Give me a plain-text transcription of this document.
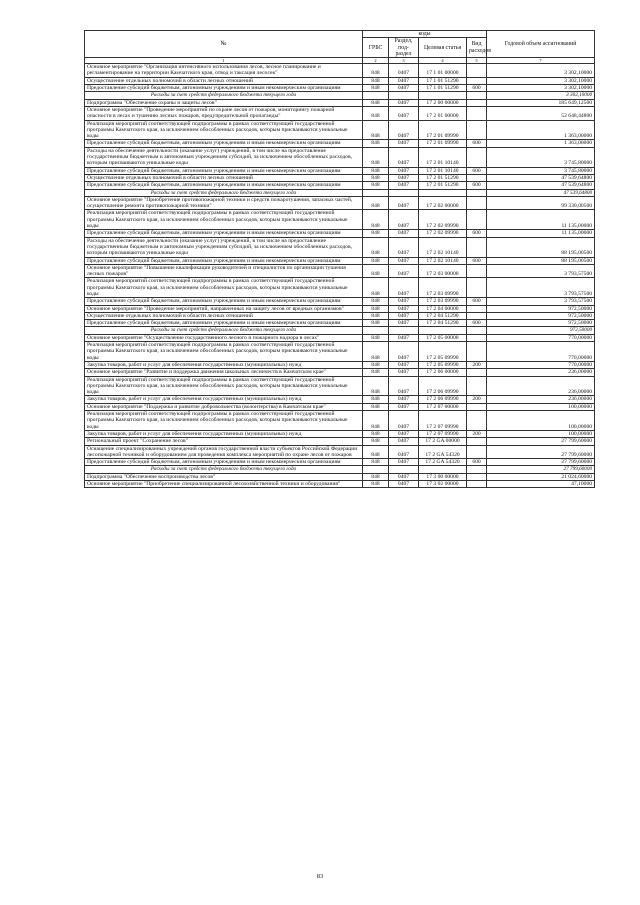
№	коды				Годовой объем ассигнований
	ГРБС	Раздел, под-раздел	Целевая статья	Вид расходов	
1	2	3	4	5	7
Основное мероприятие "Организация интенсивного использования лесов, лесное планирование и регламентирование на территории Камчатского края, отвод и таксация лесосек"	848	0407	17 1 01 00000		3 302,10000
Осуществление отдельных полномочий в области лесных отношений	848	0407	17 1 01 51290		3 302,10000
Предоставление субсидий бюджетным, автономным учреждениям и иным некоммерческим организациям	848	0407	17 1 01 51290	600	3 302,10000
Расходы за счет средств федерального бюджета текущего года					3 302,10000
Подпрограмма "Обеспечение охраны и защиты лесов"	848	0407	17 2 00 00000		185 649,12500
Основное мероприятие "Проведение мероприятий по охране лесов от пожаров, мониторингу пожарной опасности в лесах и тушению лесных пожаров, предупредительной пропаганды"	848	0407	17 2 01 00000		52 648,44800
Реализация мероприятий соответствующей подпрограммы в рамках соответствующей государственной программы Камчатского края, за исключением обособленных расходов, которым присваиваются уникальные коды	848	0407	17 2 01 09990		1 363,00000
Предоставление субсидий бюджетным, автономным учреждениям и иным некоммерческим организациям	848	0407	17 2 01 09990	600	1 363,00000
Расходы на обеспечение деятельности (оказание услуг) учреждений, в том числе на предоставление государственным бюджетным и автономным учреждениям субсидий, за исключением обособленных расходов, которым присваиваются уникальные коды	848	0407	17 2 01 10140		3 745,80000
Предоставление субсидий бюджетным, автономным учреждениям и иным некоммерческим организациям	848	0407	17 2 01 10140	600	3 745,80000
Осуществление отдельных полномочий в области лесных отношений	848	0407	17 2 01 51290		47 539,64800
Предоставление субсидий бюджетным, автономным учреждениям и иным некоммерческим организациям	848	0407	17 2 01 51290	600	47 539,64800
Расходы за счет средств федерального бюджета текущего года					47 539,64800
Основное мероприятие "Приобретение противопожарной техники и средств пожаротушения, запасных частей, осуществление ремонта противопожарной техники"	848	0407	17 2 02 00000		99 330,00500
Реализация мероприятий соответствующей подпрограммы в рамках соответствующей государственной программы Камчатского края, за исключением обособленных расходов, которым присваиваются уникальные коды	848	0407	17 2 02 09990		11 135,00000
Предоставление субсидий бюджетным, автономным учреждениям и иным некоммерческим организациям	848	0407	17 2 02 09990	600	11 135,00000
Расходы на обеспечение деятельности (оказание услуг) учреждений, в том числе на предоставление государственным бюджетным и автономным учреждениям субсидий, за исключением обособленных расходов, которым присваиваются уникальные коды	848	0407	17 2 02 10140		88 195,00500
Предоставление субсидий бюджетным, автономным учреждениям и иным некоммерческим организациям	848	0407	17 2 02 10140	600	88 195,00500
Основное мероприятие "Повышение квалификации руководителей и специалистов по организации тушения лесных пожаров"	848	0407	17 2 03 00000		3 793,57500
Реализация мероприятий соответствующей подпрограммы в рамках соответствующей государственной программы Камчатского края, за исключением обособленных расходов, которым присваиваются уникальные коды	848	0407	17 2 03 09990		3 793,57500
Предоставление субсидий бюджетным, автономным учреждениям и иным некоммерческим организациям	848	0407	17 2 03 09990	600	3 793,57500
Основное мероприятие "Проведение мероприятий, направленных на защиту лесов от вредных организмов"	848	0407	17 2 04 00000		972,50000
Осуществление отдельных полномочий в области лесных отношений	848	0407	17 2 04 51290		972,50000
Предоставление субсидий бюджетным, автономным учреждениям и иным некоммерческим организациям	848	0407	17 2 04 51290	600	972,50000
Расходы за счет средств федерального бюджета текущего года					972,50000
Основное мероприятие "Осуществление государственного лесного и пожарного надзора в лесах"	848	0407	17 2 05 00000		770,00000
Реализация мероприятий соответствующей подпрограммы в рамках соответствующей государственной программы Камчатского края, за исключением обособленных расходов, которым присваиваются уникальные коды	848	0407	17 2 05 09990		770,00000
Закупка товаров, работ и услуг для обеспечения государственных (муниципальных) нужд	848	0407	17 2 05 09990	200	770,00000
Основное мероприятие "Развитие и поддержка движения школьных лесничеств в Камчатском крае"	848	0407	17 2 06 00000		236,00000
Реализация мероприятий соответствующей подпрограммы в рамках соответствующей государственной программы Камчатского края, за исключением обособленных расходов, которым присваиваются уникальные коды	848	0407	17 2 06 09990		236,00000
Закупка товаров, работ и услуг для обеспечения государственных (муниципальных) нужд	848	0407	17 2 06 09990	200	236,00000
Основное мероприятие "Поддержка и развитие добровольчества (волонтерства) в Камчатском крае"	848	0407	17 2 07 00000		100,00000
Реализация мероприятий соответствующей подпрограммы в рамках соответствующей государственной программы Камчатского края, за исключением обособленных расходов, которым присваиваются уникальные коды	848	0407	17 2 07 09990		100,00000
Закупка товаров, работ и услуг для обеспечения государственных (муниципальных) нужд	848	0407	17 2 07 09990	200	100,00000
Региональный проект "Сохранение лесов"	848	0407	17 2 GA 00000		27 799,60000
Оснащение специализированных учреждений органов государственной власти субъектов Российской Федерации лесопожарной техникой и оборудованием для проведения комплекса мероприятий по охране лесов от пожаров	848	0407	17 2 GA 54320		27 799,60000
Предоставление субсидий бюджетным, автономным учреждениям и иным некоммерческим организациям	848	0407	17 2 GA 54320	600	27 799,60000
Расходы за счет средств федерального бюджета текущего года					27 799,60000
Подпрограмма "Обеспечение воспроизводства лесов"	848	0407	17 3 00 00000		21 024,60000
Основное мероприятие "Приобретение специализированной лесохозяйственной техники и оборудования"	848	0407	17 3 02 00000		47,10000
83
